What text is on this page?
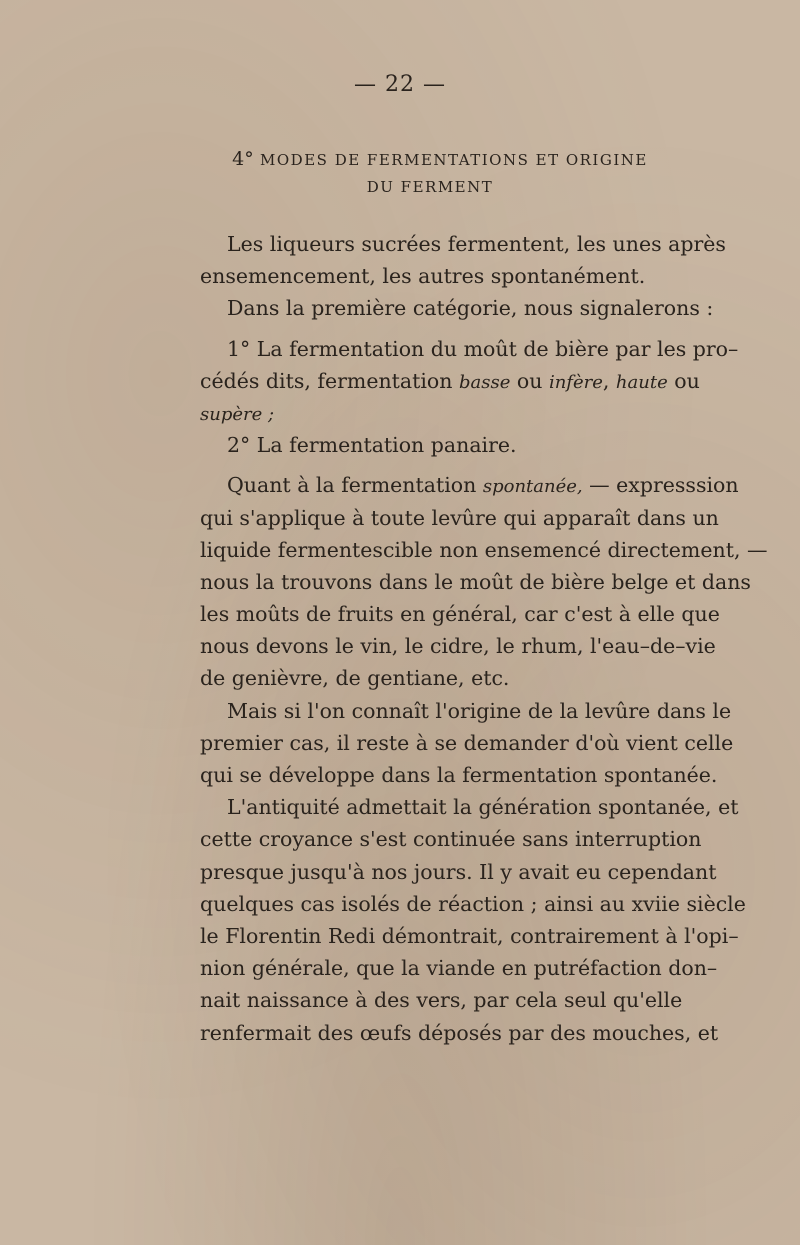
— 22 —
4° MODES DE FERMENTATIONS ET ORIGINE
DU FERMENT
Les liqueurs sucrées fermentent, les unes après
ensemencement, les autres spontanément.
Dans la première catégorie, nous signalerons :
1° La fermentation du moût de bière par les pro–
cédés dits, fermentation basse ou infère, haute ou
supère ;
2° La fermentation panaire.
Quant à la fermentation spontanée, — expresssion
qui s'applique à toute levûre qui apparaît dans un
liquide fermentescible non ensemencé directement, —
nous la trouvons dans le moût de bière belge et dans
les moûts de fruits en général, car c'est à elle que
nous devons le vin, le cidre, le rhum, l'eau–de–vie
de genièvre, de gentiane, etc.
Mais si l'on connaît l'origine de la levûre dans le
premier cas, il reste à se demander d'où vient celle
qui se développe dans la fermentation spontanée.
L'antiquité admettait la génération spontanée, et
cette croyance s'est continuée sans interruption
presque jusqu'à nos jours. Il y avait eu cependant
quelques cas isolés de réaction ; ainsi au xviie siècle
le Florentin Redi démontrait, contrairement à l'opi–
nion générale, que la viande en putréfaction don–
nait naissance à des vers, par cela seul qu'elle
renfermait des œufs déposés par des mouches, et
